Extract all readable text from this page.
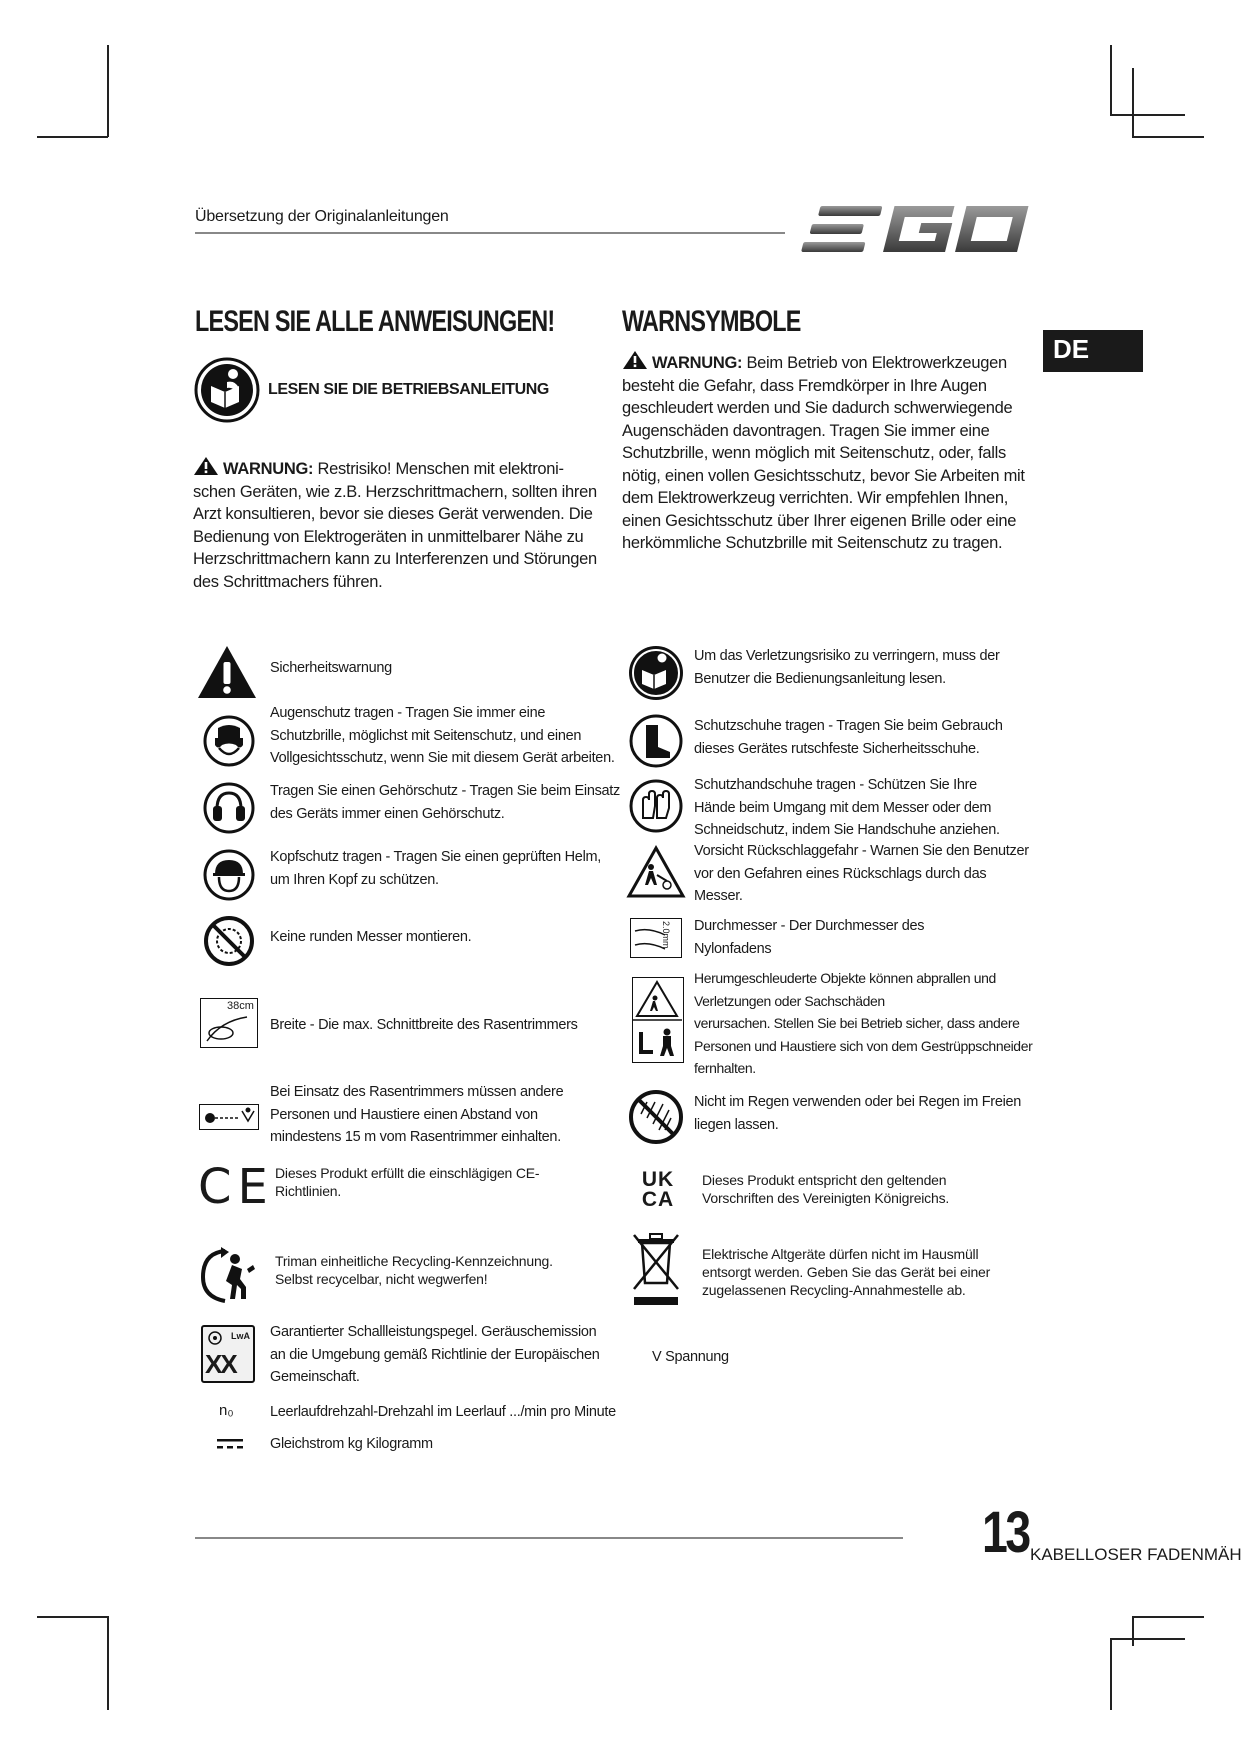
Übersetzung der Originalanleitungen
EGO
DE
LESEN SIE ALLE ANWEISUNGEN!
LESEN SIE DIE BETRIEBSANLEITUNG
WARNUNG: Restrisiko! Menschen mit elektroni-
schen Geräten, wie z.B. Herzschrittmachern, sollten ihren
Arzt konsultieren, bevor sie dieses Gerät verwenden. Die
Bedienung von Elektrogeräten in unmittelbarer Nähe zu
Herzschrittmachern kann zu Interferenzen und Störungen
des Schrittmachers führen.
WARNSYMBOLE
WARNUNG: Beim Betrieb von Elektrowerkzeugen
besteht die Gefahr, dass Fremdkörper in Ihre Augen
geschleudert werden und Sie dadurch schwerwiegende
Augenschäden davontragen. Tragen Sie immer eine
Schutzbrille, wenn möglich mit Seitenschutz, oder, falls
nötig, einen vollen Gesichtsschutz, bevor Sie Arbeiten mit
dem Elektrowerkzeug verrichten. Wir empfehlen Ihnen,
einen Gesichtsschutz über Ihrer eigenen Brille oder eine
herkömmliche Schutzbrille mit Seitenschutz zu tragen.
Sicherheitswarnung
Augenschutz tragen - Tragen Sie immer eine
Schutzbrille, möglichst mit Seitenschutz, und einen
Vollgesichtsschutz, wenn Sie mit diesem Gerät arbeiten.
Tragen Sie einen Gehörschutz - Tragen Sie beim Einsatz
des Geräts immer einen Gehörschutz.
Kopfschutz tragen - Tragen Sie einen geprüften Helm,
um Ihren Kopf zu schützen.
Keine runden Messer montieren.
38cm
Breite - Die max. Schnittbreite des Rasentrimmers
Bei Einsatz des Rasentrimmers müssen andere
Personen und Haustiere einen Abstand von
mindestens 15 m vom Rasentrimmer einhalten.
CE Dieses Produkt erfüllt die einschlägigen CE-
Richtlinien.
Triman einheitliche Recycling-Kennzeichnung.
Selbst recycelbar, nicht wegwerfen!
LwA
XX
Garantierter Schallleistungspegel. Geräuschemission
an die Umgebung gemäß Richtlinie der Europäischen
Gemeinschaft.
n₀	Leerlaufdrehzahl-Drehzahl im Leerlauf .../min pro Minute
Gleichstrom kg Kilogramm
Um das Verletzungsrisiko zu verringern, muss der
Benutzer die Bedienungsanleitung lesen.
Schutzschuhe tragen - Tragen Sie beim Gebrauch
dieses Gerätes rutschfeste Sicherheitsschuhe.
Schutzhandschuhe tragen - Schützen Sie Ihre
Hände beim Umgang mit dem Messer oder dem
Schneidschutz, indem Sie Handschuhe anziehen.
Vorsicht Rückschlaggefahr - Warnen Sie den Benutzer
vor den Gefahren eines Rückschlags durch das
Messer.
2.0mm Durchmesser - Der Durchmesser des
Nylonfadens
Herumgeschleuderte Objekte können abprallen und
Verletzungen oder Sachschäden
verursachen. Stellen Sie bei Betrieb sicher, dass andere
Personen und Haustiere sich von dem Gestrüppschneider
fernhalten.
Nicht im Regen verwenden oder bei Regen im Freien
liegen lassen.
UK CA
Dieses Produkt entspricht den geltenden
Vorschriften des Vereinigten Königreichs.
Elektrische Altgeräte dürfen nicht im Hausmüll
entsorgt werden. Geben Sie das Gerät bei einer
zugelassenen Recycling-Annahmestelle ab.
V Spannung
13 KABELLOSER FADENMÄH
